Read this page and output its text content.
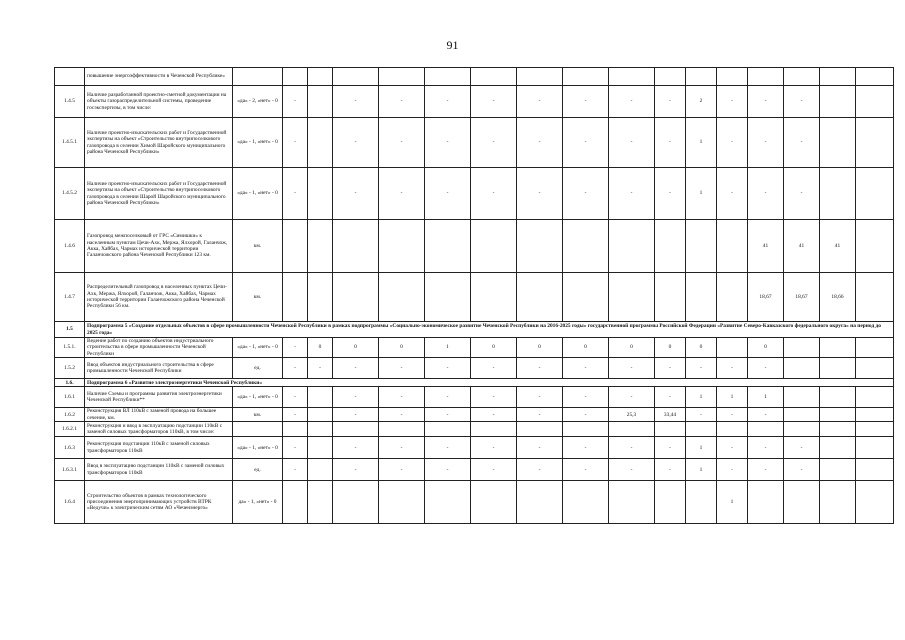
91
	повышение энергоэффективности в Чеченской Республике»																	
1.4.5	Наличие разработанной проектно-сметной документации на объекты газораспределительной системы, проведение госэкспертизы, в том числе:	«да» - 2, «нет» - 0	-		-	-	-	-	-	-	-	-	2	-	-	-		
1.4.5.1	Наличие проектно-изыскательских работ и Государственной экспертизы на объект «Строительство внутрипоселкового газопровода в селении Химой Шаройского муниципального района Чеченской Республики»	«да» - 1, «нет» - 0	-		-	-	-	-	-	-	-	-	1	-	-	-		
1.4.5.2	Наличие проектно-изыскательских работ и Государственной экспертизы на объект «Строительство внутрипоселкового газопровода в селении Шарой Шаройского муниципального района Чеченской Республики»	«да» - 1, «нет» - 0	-		-	-	-	-	-	-	-	-	1	-	-	-		
1.4.6	Газопровод межпоселковый от ГРС «Симишки» к населенным пунктам Цечи-Ахк, Мержа, Ялхорой, Галанчож, Акка, Хайбах, Чармах исторической территории Галанчожского района Чеченской Республики 123 км.	км.													41	41	41	
1.4.7	Распределительный газопровод в населенных пунктах Цечи-Ахк, Мержа, Ялхорой, Галанчож, Акка, Хайбах, Чармах исторической территории Галанчожского района Чеченской Республики 56 км.	км.													18,67	18,67	18,66	
1.5	Подпрограмма 5 «Создание отдельных объектов в сфере промышленности Чеченской Республики в рамках подпрограммы «Социально-экономическое развитие Чеченской Республики на 2016-2025 годы» государственной программы Российской Федерации «Развитие Северо-Кавказского федерального округа» на период до 2025 года»																	
1.5.1.	Ведение работ по созданию объектов индустриального строительства в сфере промышленности Чеченской Республики	«да» - 1, «нет» - 0	-	0	0	0	1	0	0	0	0	0	0		0			
1.5.2	Ввод объектов индустриального строительства в сфере промышленности Чеченской Республики	ед.	-	-	-	-	-	-	-	-	-	-	-	-	-			
1.6.	Подпрограмма 6 «Развитие электроэнергетики Чеченской Республики»																	
1.6.1	Наличие Схемы и программы развития электроэнергетики Чеченской Республики**	«да» - 1, «нет» - 0	-		-	-	-	-	-	-	-	-	1	1	1			
1.6.2	Реконструкция ВЛ 110кВ с заменой провода на большее сечение, км.	км.	-		-	-	-	-	-	-	25,3	33,44	-	-	-			
1.6.2.1	Реконструкция и ввод в эксплуатацию подстанции 110кВ с заменой силовых трансформаторов 110кВ, в том числе:																	
1.6.3	Реконструкция подстанции 110кВ с заменой силовых трансформаторов 110кВ	«да» - 1, «нет» - 0	-		-	-	-	-	-	-	-	-	1	-	-	-		
1.6.3.1	Ввод в эксплуатацию подстанции 110кВ с заменой силовых трансформаторов 110кВ	ед.	-		-	-	-	-	-	-	-	-	1	-	-	-		
1.6.4	Строительство объектов в рамках технологического присоединения энергопринимающих устройств ВТРК «Ведучи» к электрическим сетям АО «Чеченэнерго»	да» - 1, «нет» - 0												1				
